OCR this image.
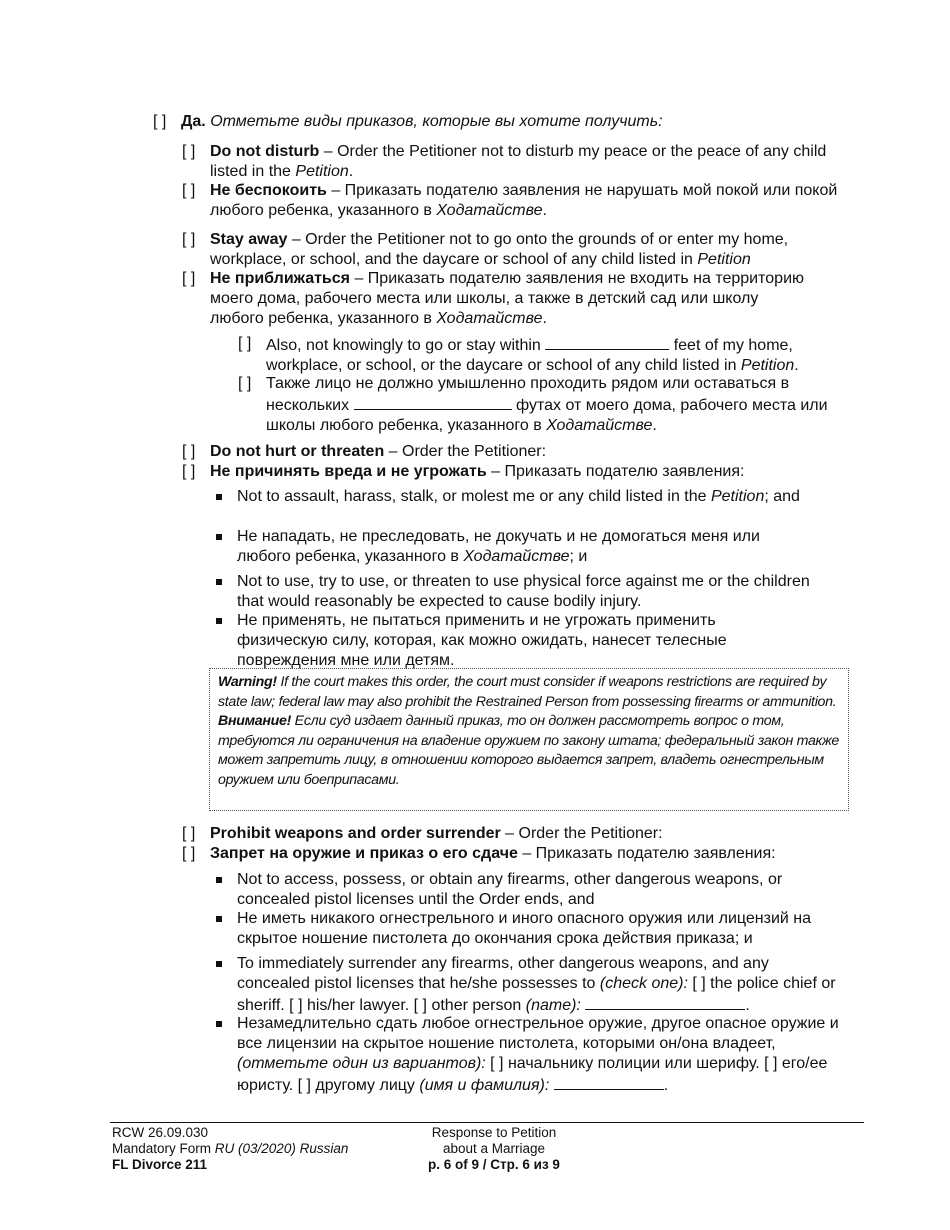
[ ] Да. Отметьте виды приказов, которые вы хотите получить:
[ ] Do not disturb – Order the Petitioner not to disturb my peace or the peace of any child listed in the Petition.
[ ] Не беспокоить – Приказать подателю заявления не нарушать мой покой или покой любого ребенка, указанного в Ходатайстве.
[ ] Stay away – Order the Petitioner not to go onto the grounds of or enter my home, workplace, or school, and the daycare or school of any child listed in Petition
[ ] Не приближаться – Приказать подателю заявления не входить на территорию моего дома, рабочего места или школы, а также в детский сад или школу любого ребенка, указанного в Ходатайстве.
[ ] Also, not knowingly to go or stay within	feet of my home, workplace, or school, or the daycare or school of any child listed in Petition.
[ ] Также лицо не должно умышленно проходить рядом или оставаться в нескольких	футах от моего дома, рабочего места или школы любого ребенка, указанного в Ходатайстве.
[ ] Do not hurt or threaten – Order the Petitioner:
[ ] Не причинять вреда и не угрожать – Приказать подателю заявления:
Not to assault, harass, stalk, or molest me or any child listed in the Petition; and
Не нападать, не преследовать, не докучать и не домогаться меня или любого ребенка, указанного в Ходатайстве; и
Not to use, try to use, or threaten to use physical force against me or the children that would reasonably be expected to cause bodily injury.
Не применять, не пытаться применить и не угрожать применить физическую силу, которая, как можно ожидать, нанесет телесные повреждения мне или детям.
Warning! If the court makes this order, the court must consider if weapons restrictions are required by state law; federal law may also prohibit the Restrained Person from possessing firearms or ammunition.
Внимание! Если суд издает данный приказ, то он должен рассмотреть вопрос о том, требуются ли ограничения на владение оружием по закону штата; федеральный закон также может запретить лицу, в отношении которого выдается запрет, владеть огнестрельным оружием или боеприпасами.
[ ] Prohibit weapons and order surrender – Order the Petitioner:
[ ] Запрет на оружие и приказ о его сдаче – Приказать подателю заявления:
Not to access, possess, or obtain any firearms, other dangerous weapons, or concealed pistol licenses until the Order ends, and
Не иметь никакого огнестрельного и иного опасного оружия или лицензий на скрытое ношение пистолета до окончания срока действия приказа; и
To immediately surrender any firearms, other dangerous weapons, and any concealed pistol licenses that he/she possesses to (check one): [ ] the police chief or sheriff. [ ] his/her lawyer. [ ] other person (name):	.
Незамедлительно сдать любое огнестрельное оружие, другое опасное оружие и все лицензии на скрытое ношение пистолета, которыми он/она владеет, (отметьте один из вариантов): [ ] начальнику полиции или шерифу. [ ] его/ее юристу. [ ] другому лицу (имя и фамилия):	.
RCW 26.09.030
Mandatory Form RU (03/2020) Russian
FL Divorce 211
Response to Petition
about a Marriage
p. 6 of 9 / Стр. 6 из 9
